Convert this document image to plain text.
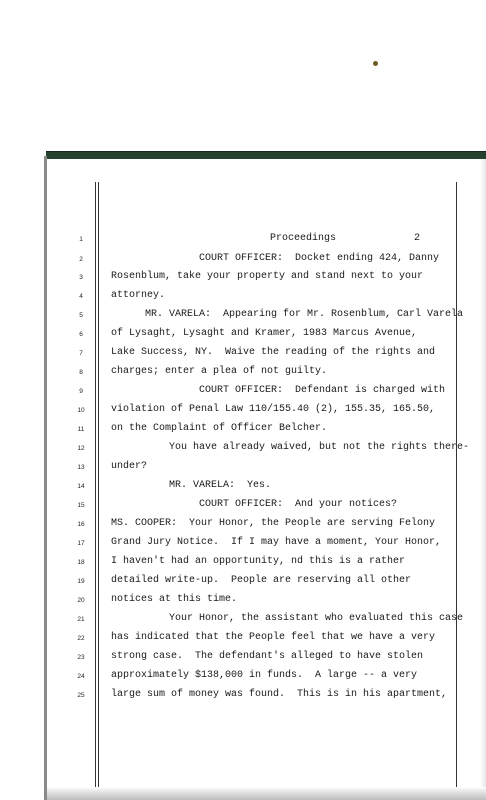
2
1	Proceedings
2	COURT OFFICER:  Docket ending 424, Danny
3	Rosenblum, take your property and stand next to your
4	attorney.
5	MR. VARELA:  Appearing for Mr. Rosenblum, Carl Varela
6	of Lysaght, Lysaght and Kramer, 1983 Marcus Avenue,
7	Lake Success, NY.  Waive the reading of the rights and
8	charges; enter a plea of not guilty.
9	COURT OFFICER:  Defendant is charged with
10	violation of Penal Law 110/155.40 (2), 155.35, 165.50,
11	on the Complaint of Officer Belcher.
12	You have already waived, but not the rights there-
13	under?
14	MR. VARELA:  Yes.
15	COURT OFFICER:  And your notices?
16	MS. COOPER:  Your Honor, the People are serving Felony
17	Grand Jury Notice.  If I may have a moment, Your Honor,
18	I haven't had an opportunity, nd this is a rather
19	detailed write-up.  People are reserving all other
20	notices at this time.
21	Your Honor, the assistant who evaluated this case
22	has indicated that the People feel that we have a very
23	strong case.  The defendant's alleged to have stolen
24	approximately $138,000 in funds.  A large -- a very
25	large sum of money was found.  This is in his apartment,
